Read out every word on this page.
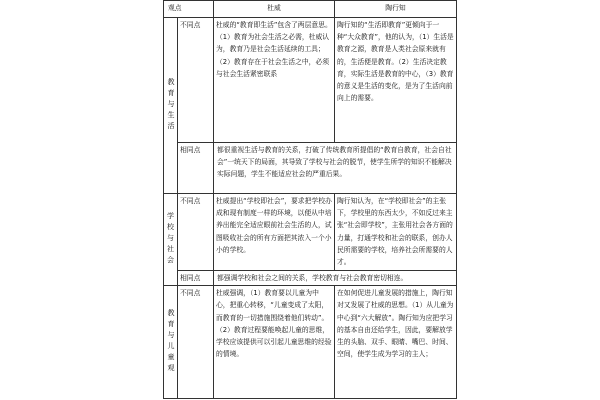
观点		杜威	陶行知
教育与生活	不同点	杜威的“教育即生活”包含了两层意思。（1）教育为社会生活之必需，杜威认为，教育乃是社会生活延续的工具；（2）教育存在于社会生活之中，必须与社会生活紧密联系	陶行知的“生活即教育”更倾向于一种“大众教育”，他的认为，（1）生活是教育之源，教育是人类社会原来就有的，生活便是教育。（2）生活决定教育，实际生活是教育的中心，（3）教育的意义是生活的变化，是为了生活向前向上的需要。
	相同点	都很重视生活与教育的关系，打破了传统教育所提倡的“教育自教育，社会自社会”一统天下的局面，其导致了学校与社会的脱节，使学生所学的知识不能解决实际问题，学生不能适应社会的严重后果。	
学校与社会	不同点	杜威提出“学校即社会”，要求把学校办成和现有制度一样的环境，以便从中培养出能完全适应眼前社会生活的人，试图吸收社会的所有方面把其浓入一个小小的学校。	陶行知认为，在“学校即社会”的主张下，学校里的东西太少，不如反过来主张“社会即学校”，主张用社会各方面的力量，打通学校和社会的联系，创办人民所需要的学校，培养社会所需要的人才。
	相同点	都强调学校和社会之间的关系，学校教育与社会教育密切相连。	
教育与儿童观	不同点	杜威强调，（1）教育要以儿童为中心，把重心转移，“儿童变成了太阳，而教育的一切措施围绕着他们转动”。（2）教育过程要能唤起儿童的思维，学校应该提供可以引起儿童思维的经验的情境。	在如何促进儿童发展的措施上，陶行知对又发展了杜威的思想。（1）从儿童为中心到“六大解放”。陶行知为应把学习的基本自由还给学生，因此，要解放学生的头脑、双手、眼睛、嘴巴、时间、空间，使学生成为学习的主人；
